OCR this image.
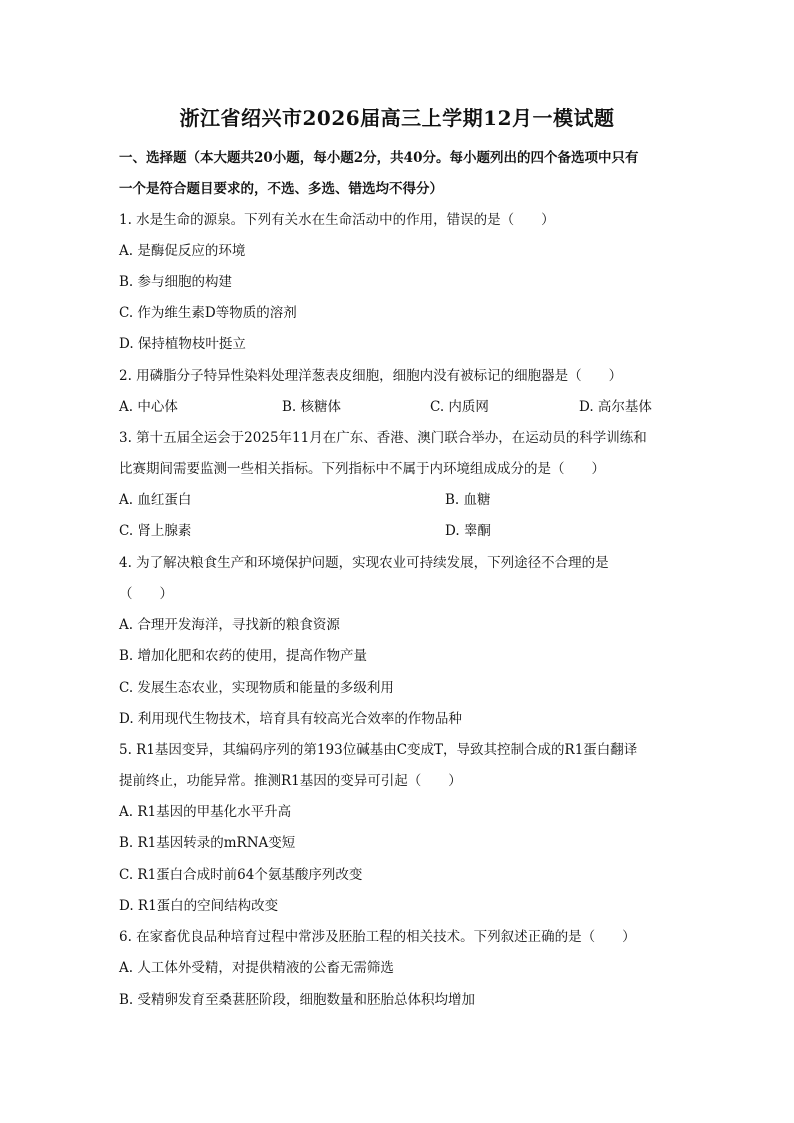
浙江省绍兴市2026届高三上学期12月一模试题
一、选择题（本大题共20小题，每小题2分，共40分。每小题列出的四个备选项中只有
一个是符合题目要求的，不选、多选、错选均不得分）
1. 水是生命的源泉。下列有关水在生命活动中的作用，错误的是（　　）
A. 是酶促反应的环境
B. 参与细胞的构建
C. 作为维生素D等物质的溶剂
D. 保持植物枝叶挺立
2. 用磷脂分子特异性染料处理洋葱表皮细胞，细胞内没有被标记的细胞器是（　　）
A. 中心体	B. 核糖体	C. 内质网	D. 高尔基体
3. 第十五届全运会于2025年11月在广东、香港、澳门联合举办，在运动员的科学训练和
比赛期间需要监测一些相关指标。下列指标中不属于内环境组成成分的是（　　）
A. 血红蛋白	B. 血糖
C. 肾上腺素	D. 睾酮
4. 为了解决粮食生产和环境保护问题，实现农业可持续发展，下列途径不合理的是
（　　）
A. 合理开发海洋，寻找新的粮食资源
B. 增加化肥和农药的使用，提高作物产量
C. 发展生态农业，实现物质和能量的多级利用
D. 利用现代生物技术，培育具有较高光合效率的作物品种
5. R1基因变异，其编码序列的第193位碱基由C变成T，导致其控制合成的R1蛋白翻译
提前终止，功能异常。推测R1基因的变异可引起（　　）
A. R1基因的甲基化水平升高
B. R1基因转录的mRNA变短
C. R1蛋白合成时前64个氨基酸序列改变
D. R1蛋白的空间结构改变
6. 在家畜优良品种培育过程中常涉及胚胎工程的相关技术。下列叙述正确的是（　　）
A. 人工体外受精，对提供精液的公畜无需筛选
B. 受精卵发育至桑葚胚阶段，细胞数量和胚胎总体积均增加
